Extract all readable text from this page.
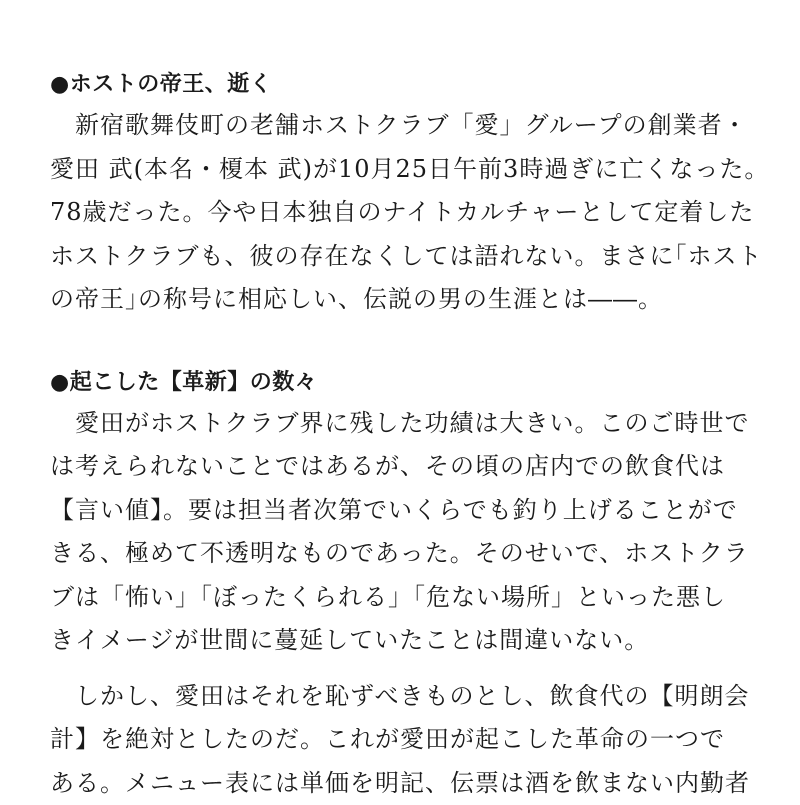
●ホストの帝王、逝く
　新宿歌舞伎町の老舗ホストクラブ「愛」グループの創業者・
愛田 武(本名・榎本 武)が10月25日午前3時過ぎに亡くなった。
78歳だった。今や日本独自のナイトカルチャーとして定着した
ホストクラブも、彼の存在なくしては語れない。まさに｢ホスト
の帝王｣の称号に相応しい、伝説の男の生涯とは――。
●起こした【革新】の数々
　愛田がホストクラブ界に残した功績は大きい。このご時世で
は考えられないことではあるが、その頃の店内での飲食代は
【言い値】。要は担当者次第でいくらでも釣り上げることがで
きる、極めて不透明なものであった。そのせいで、ホストクラ
ブは「怖い」「ぼったくられる」「危ない場所」といった悪し
きイメージが世間に蔓延していたことは間違いない。
　しかし、愛田はそれを恥ずべきものとし、飲食代の【明朗会
計】を絶対としたのだ。これが愛田が起こした革命の一つで
ある。メニュー表には単価を明記、伝票は酒を飲まない内勤者
